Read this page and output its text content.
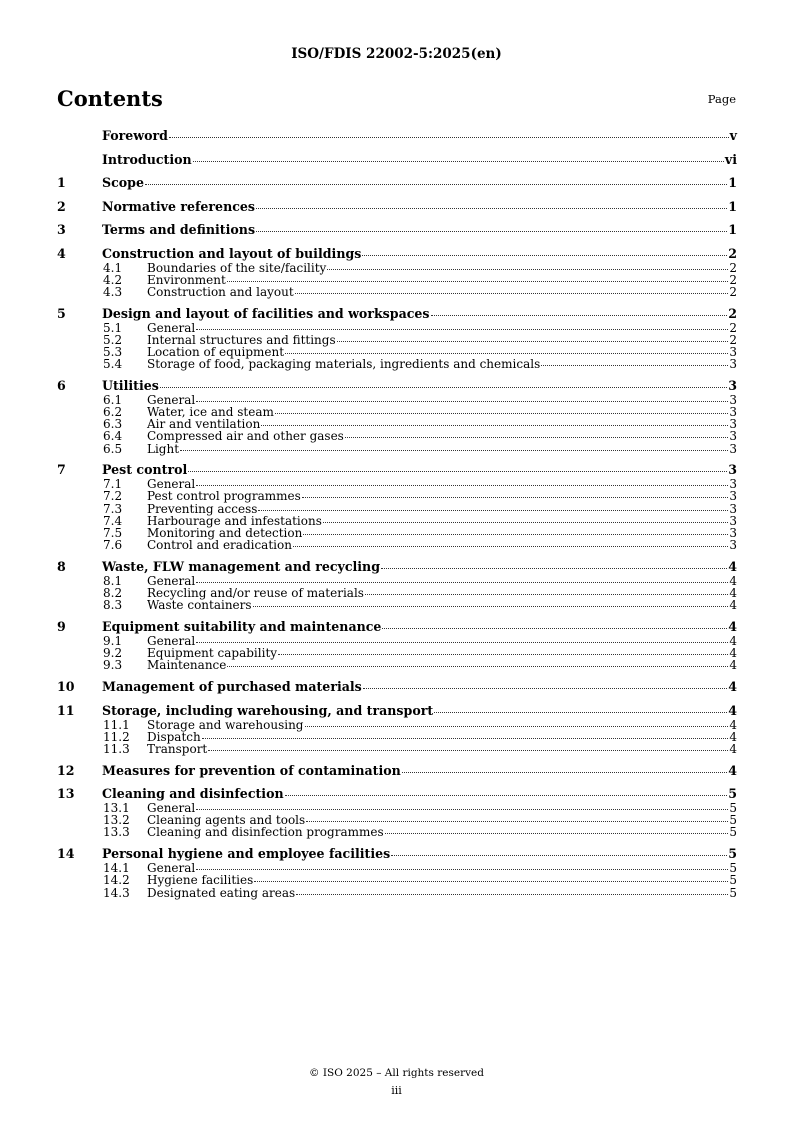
ISO/FDIS 22002-5:2025(en)
Contents	Page
Foreword	v
Introduction	vi
1	Scope	1
2	Normative references	1
3	Terms and definitions	1
4	Construction and layout of buildings	2
4.1	Boundaries of the site/facility	2
4.2	Environment	2
4.3	Construction and layout	2
5	Design and layout of facilities and workspaces	2
5.1	General	2
5.2	Internal structures and fittings	2
5.3	Location of equipment	3
5.4	Storage of food, packaging materials, ingredients and chemicals	3
6	Utilities	3
6.1	General	3
6.2	Water, ice and steam	3
6.3	Air and ventilation	3
6.4	Compressed air and other gases	3
6.5	Light	3
7	Pest control	3
7.1	General	3
7.2	Pest control programmes	3
7.3	Preventing access	3
7.4	Harbourage and infestations	3
7.5	Monitoring and detection	3
7.6	Control and eradication	3
8	Waste, FLW management and recycling	4
8.1	General	4
8.2	Recycling and/or reuse of materials	4
8.3	Waste containers	4
9	Equipment suitability and maintenance	4
9.1	General	4
9.2	Equipment capability	4
9.3	Maintenance	4
10	Management of purchased materials	4
11	Storage, including warehousing, and transport	4
11.1	Storage and warehousing	4
11.2	Dispatch	4
11.3	Transport	4
12	Measures for prevention of contamination	4
13	Cleaning and disinfection	5
13.1	General	5
13.2	Cleaning agents and tools	5
13.3	Cleaning and disinfection programmes	5
14	Personal hygiene and employee facilities	5
14.1	General	5
14.2	Hygiene facilities	5
14.3	Designated eating areas	5
© ISO 2025 – All rights reserved
iii
